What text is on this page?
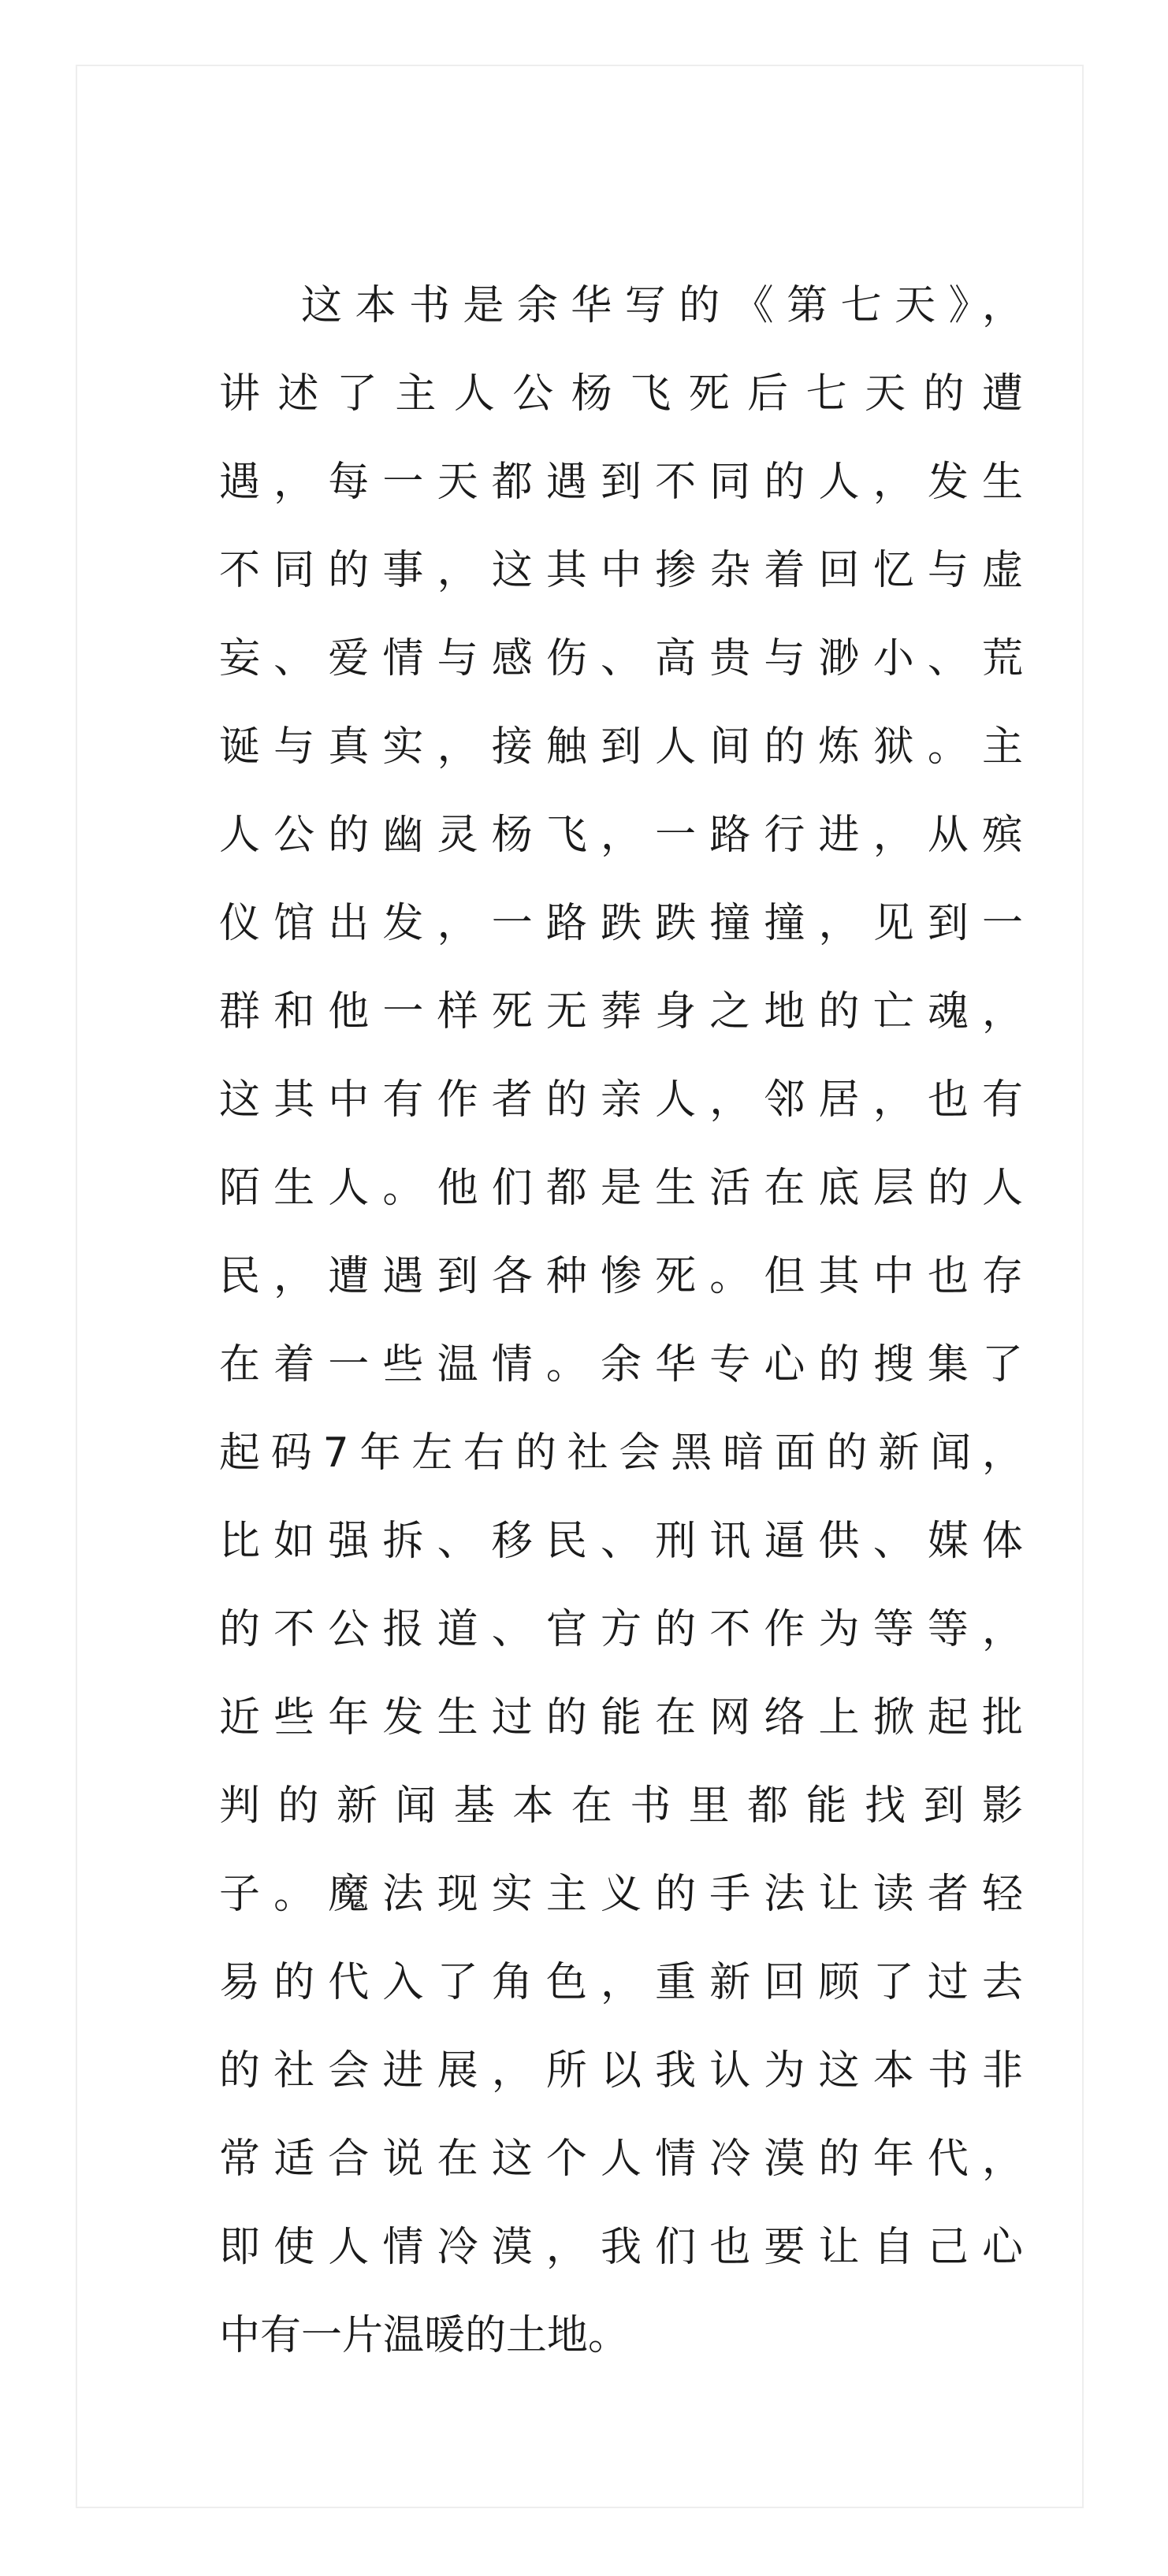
这本书是余华写的《第七天》，
讲述了主人公杨飞死后七天的遭
遇，每一天都遇到不同的人，发生
不同的事，这其中掺杂着回忆与虚
妄、爱情与感伤、高贵与渺小、荒
诞与真实，接触到人间的炼狱。主
人公的幽灵杨飞，一路行进，从殡
仪馆出发，一路跌跌撞撞，见到一
群和他一样死无葬身之地的亡魂，
这其中有作者的亲人，邻居，也有
陌生人。他们都是生活在底层的人
民，遭遇到各种惨死。但其中也存
在着一些温情。余华专心的搜集了
起码7年左右的社会黑暗面的新闻，
比如强拆、移民、刑讯逼供、媒体
的不公报道、官方的不作为等等，
近些年发生过的能在网络上掀起批
判的新闻基本在书里都能找到影
子。魔法现实主义的手法让读者轻
易的代入了角色，重新回顾了过去
的社会进展，所以我认为这本书非
常适合说在这个人情冷漠的年代，
即使人情冷漠，我们也要让自己心
中有一片温暖的土地。
